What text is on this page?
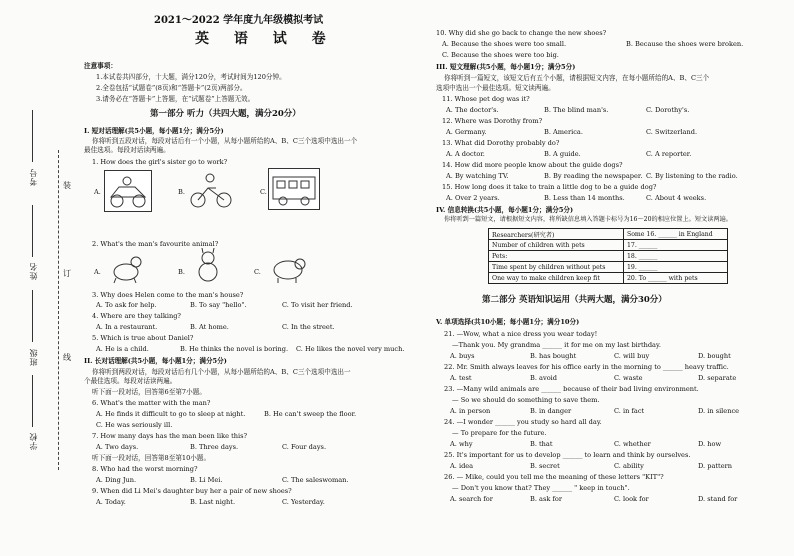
考号
姓名
班级
学校
装
订
线
2021～2022 学年度九年级模拟考试
英 语 试 卷
注意事项：
1.本试卷共四部分，十大题，满分120分，考试时间为120分钟。
2.全卷包括“试题卷”(8页)和“答题卡”(2页)两部分。
3.请务必在“答题卡”上答题，在“试题卷”上答题无效。
第一部分 听力（共四大题，满分20分）
I. 短对话理解(共5小题，每小题1分；满分5分)
你将听到五段对话，每段对话后有一个小题，从每小题所给的A、B、C三个选项中选出一个
最佳选项。每段对话读两遍。
1. How does the girl's sister go to work?
A.	B.	C.
2. What's the man's favourite animal?
A.	B.	C.
3. Why does Helen come to the man's house?
A. To ask for help.	B. To say "hello".	C. To visit her friend.
4. Where are they talking?
A. In a restaurant.	B. At home.	C. In the street.
5. Which is true about Daniel?
A. He is a child.	B. He thinks the novel is boring. C. He likes the novel very much.
II. 长对话理解(共5小题，每小题1分；满分5分)
你将听到两段对话，每段对话后有几个小题，从每小题所给的A、B、C三个选项中选出一
个最佳选项。每段对话读两遍。
听下面一段对话，回答第6至第7小题。
6. What's the matter with the man?
A. He finds it difficult to go to sleep at night.	B. He can't sweep the floor.
C. He was seriously ill.
7. How many days has the man been like this?
A. Two days.	B. Three days.	C. Four days.
听下面一段对话，回答第8至第10小题。
8. Who had the worst morning?
A. Ding Jun.	B. Li Mei.	C. The saleswoman.
9. When did Li Mei's daughter buy her a pair of new shoes?
A. Today.	B. Last night.	C. Yesterday.
10. Why did she go back to change the new shoes?
A. Because the shoes were too small.	B. Because the shoes were broken.
C. Because the shoes were too big.
III. 短文理解(共5小题，每小题1分；满分5分)
你将听到一篇短文，该短文后有五个小题，请根据短文内容，在每小题所给的A、B、C三个
选项中选出一个最佳选项。短文读两遍。
11. Whose pet dog was it?
A. The doctor's.	B. The blind man's.	C. Dorothy's.
12. Where was Dorothy from?
A. Germany.	B. America.	C. Switzerland.
13. What did Dorothy probably do?
A. A doctor.	B. A guide.	C. A reporter.
14. How did more people know about the guide dogs?
A. By watching TV.	B. By reading the newspaper. C. By listening to the radio.
15. How long does it take to train a little dog to be a guide dog?
A. Over 2 years.	B. Less than 14 months.	C. About 4 weeks.
IV. 信息转换(共5小题，每小题1分；满分5分)
你将听到一篇短文，请根据短文内容，将所缺信息填入答题卡标号为16～20的相应位置上。短文读两遍。
Researchers(研究者)	Some 16. ______ in England
Number of children with pets	17. ______
Pets:	18. ______
Time spent by children without pets	19. ______
One way to make children keep fit	20. To ______ with pets
第二部分 英语知识运用（共两大题，满分30分）
V. 单项选择(共10小题；每小题1分；满分10分)
21. —Wow, what a nice dress you wear today!
—Thank you. My grandma ______ it for me on my last birthday.
A. buys	B. has bought	C. will buy	D. bought
22. Mr. Smith always leaves for his office early in the morning to ______ heavy traffic.
A. test	B. avoid	C. waste	D. separate
23. —Many wild animals are ______ because of their bad living environment.
— So we should do something to save them.
A. in person	B. in danger	C. in fact	D. in silence
24. —I wonder ______ you study so hard all day.
— To prepare for the future.
A. why	B. that	C. whether	D. how
25. It's important for us to develop ______ to learn and think by ourselves.
A. idea	B. secret	C. ability	D. pattern
26. — Mike, could you tell me the meaning of these letters "KIT"?
— Don't you know that? They ______ " keep in touch".
A. search for	B. ask for	C. look for	D. stand for
